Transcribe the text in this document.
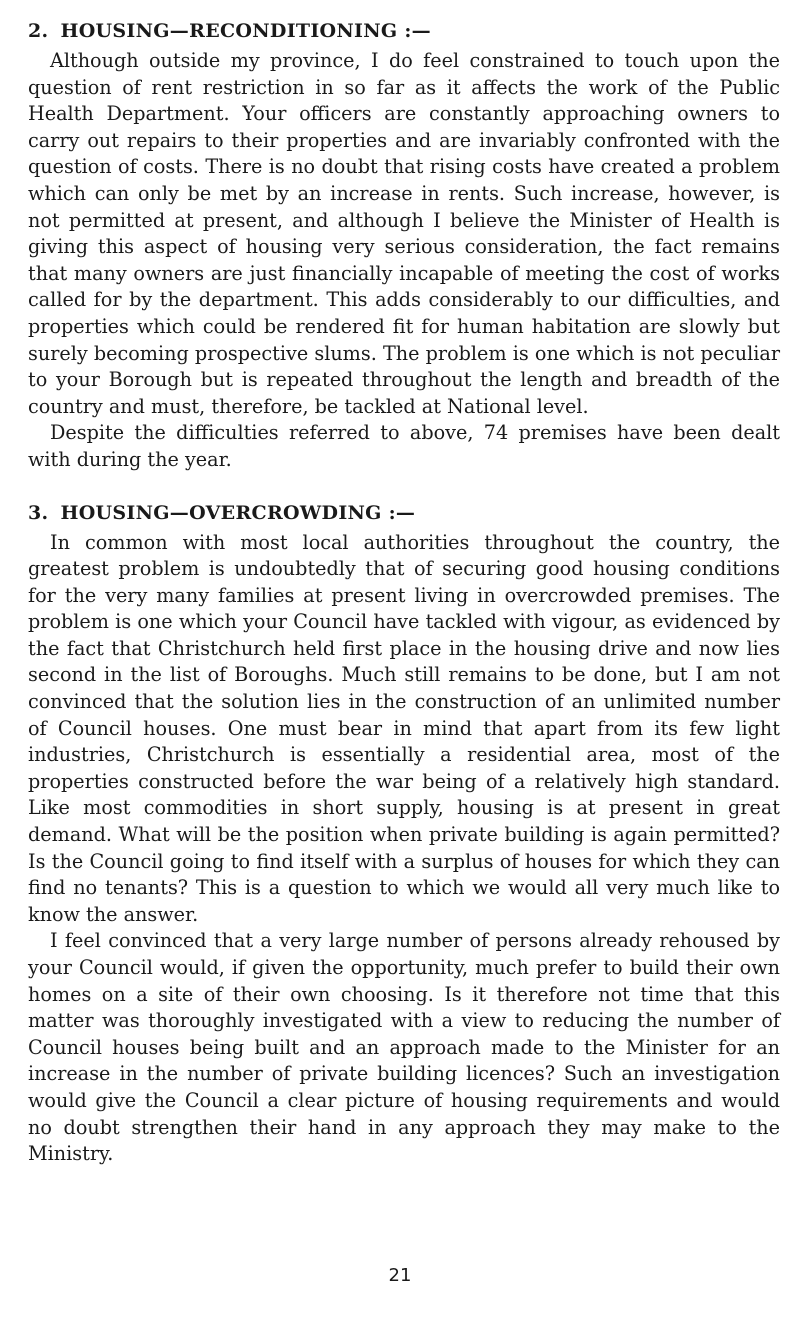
2. HOUSING—RECONDITIONING :—

Although outside my province, I do feel constrained to touch upon the question of rent restriction in so far as it affects the work of the Public Health Department. Your officers are constantly approaching owners to carry out repairs to their properties and are invariably confronted with the question of costs. There is no doubt that rising costs have created a problem which can only be met by an increase in rents. Such increase, however, is not permitted at present, and although I believe the Minister of Health is giving this aspect of housing very serious consideration, the fact remains that many owners are just financially incapable of meeting the cost of works called for by the department. This adds considerably to our difficulties, and properties which could be rendered fit for human habitation are slowly but surely becoming prospective slums. The problem is one which is not peculiar to your Borough but is repeated throughout the length and breadth of the country and must, therefore, be tackled at National level.

Despite the difficulties referred to above, 74 premises have been dealt with during the year.

3. HOUSING—OVERCROWDING :—

In common with most local authorities throughout the country, the greatest problem is undoubtedly that of securing good housing conditions for the very many families at present living in overcrowded premises. The problem is one which your Council have tackled with vigour, as evidenced by the fact that Christchurch held first place in the housing drive and now lies second in the list of Boroughs. Much still remains to be done, but I am not convinced that the solution lies in the construction of an unlimited number of Council houses. One must bear in mind that apart from its few light industries, Christchurch is essentially a residential area, most of the properties constructed before the war being of a relatively high standard. Like most commodities in short supply, housing is at present in great demand. What will be the position when private building is again permitted? Is the Council going to find itself with a surplus of houses for which they can find no tenants? This is a question to which we would all very much like to know the answer.

I feel convinced that a very large number of persons already rehoused by your Council would, if given the opportunity, much prefer to build their own homes on a site of their own choosing. Is it therefore not time that this matter was thoroughly investigated with a view to reducing the number of Council houses being built and an approach made to the Minister for an increase in the number of private building licences? Such an investigation would give the Council a clear picture of housing requirements and would no doubt strengthen their hand in any approach they may make to the Ministry.

21
